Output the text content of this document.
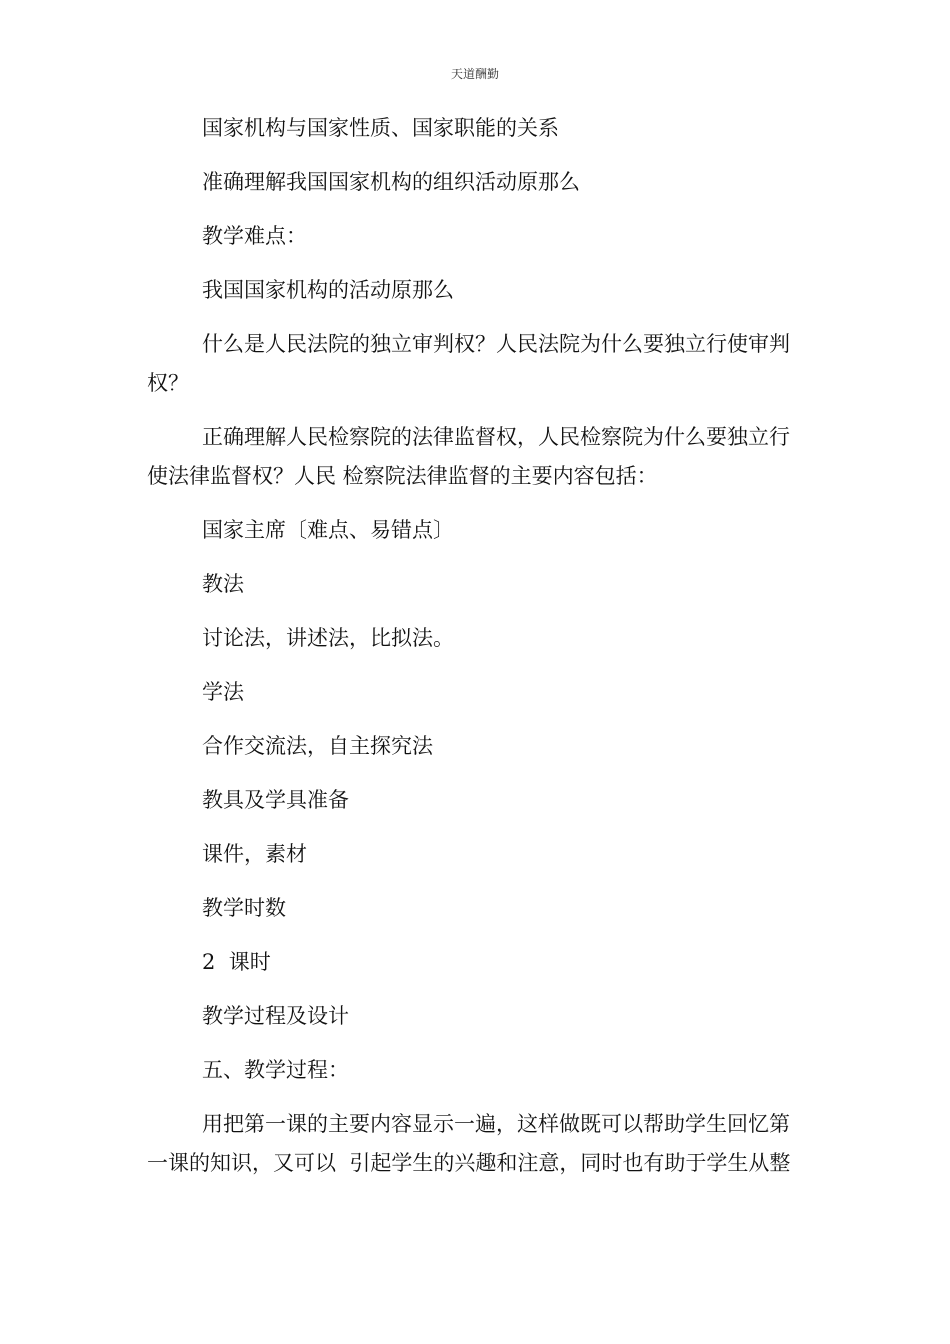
天道酬勤
国家机构与国家性质、国家职能的关系
准确理解我国国家机构的组织活动原那么
教学难点：
我国国家机构的活动原那么
什么是人民法院的独立审判权？人民法院为什么要独立行使审判
权？
正确理解人民检察院的法律监督权，人民检察院为什么要独立行
使法律监督权？人民 检察院法律监督的主要内容包括：
国家主席〔难点、易错点〕
教法
讨论法，讲述法，比拟法。
学法
合作交流法，自主探究法
教具及学具准备
课件，素材
教学时数
2  课时
教学过程及设计
五、教学过程：
用把第一课的主要内容显示一遍，这样做既可以帮助学生回忆第
一课的知识，又可以  引起学生的兴趣和注意，同时也有助于学生从整
